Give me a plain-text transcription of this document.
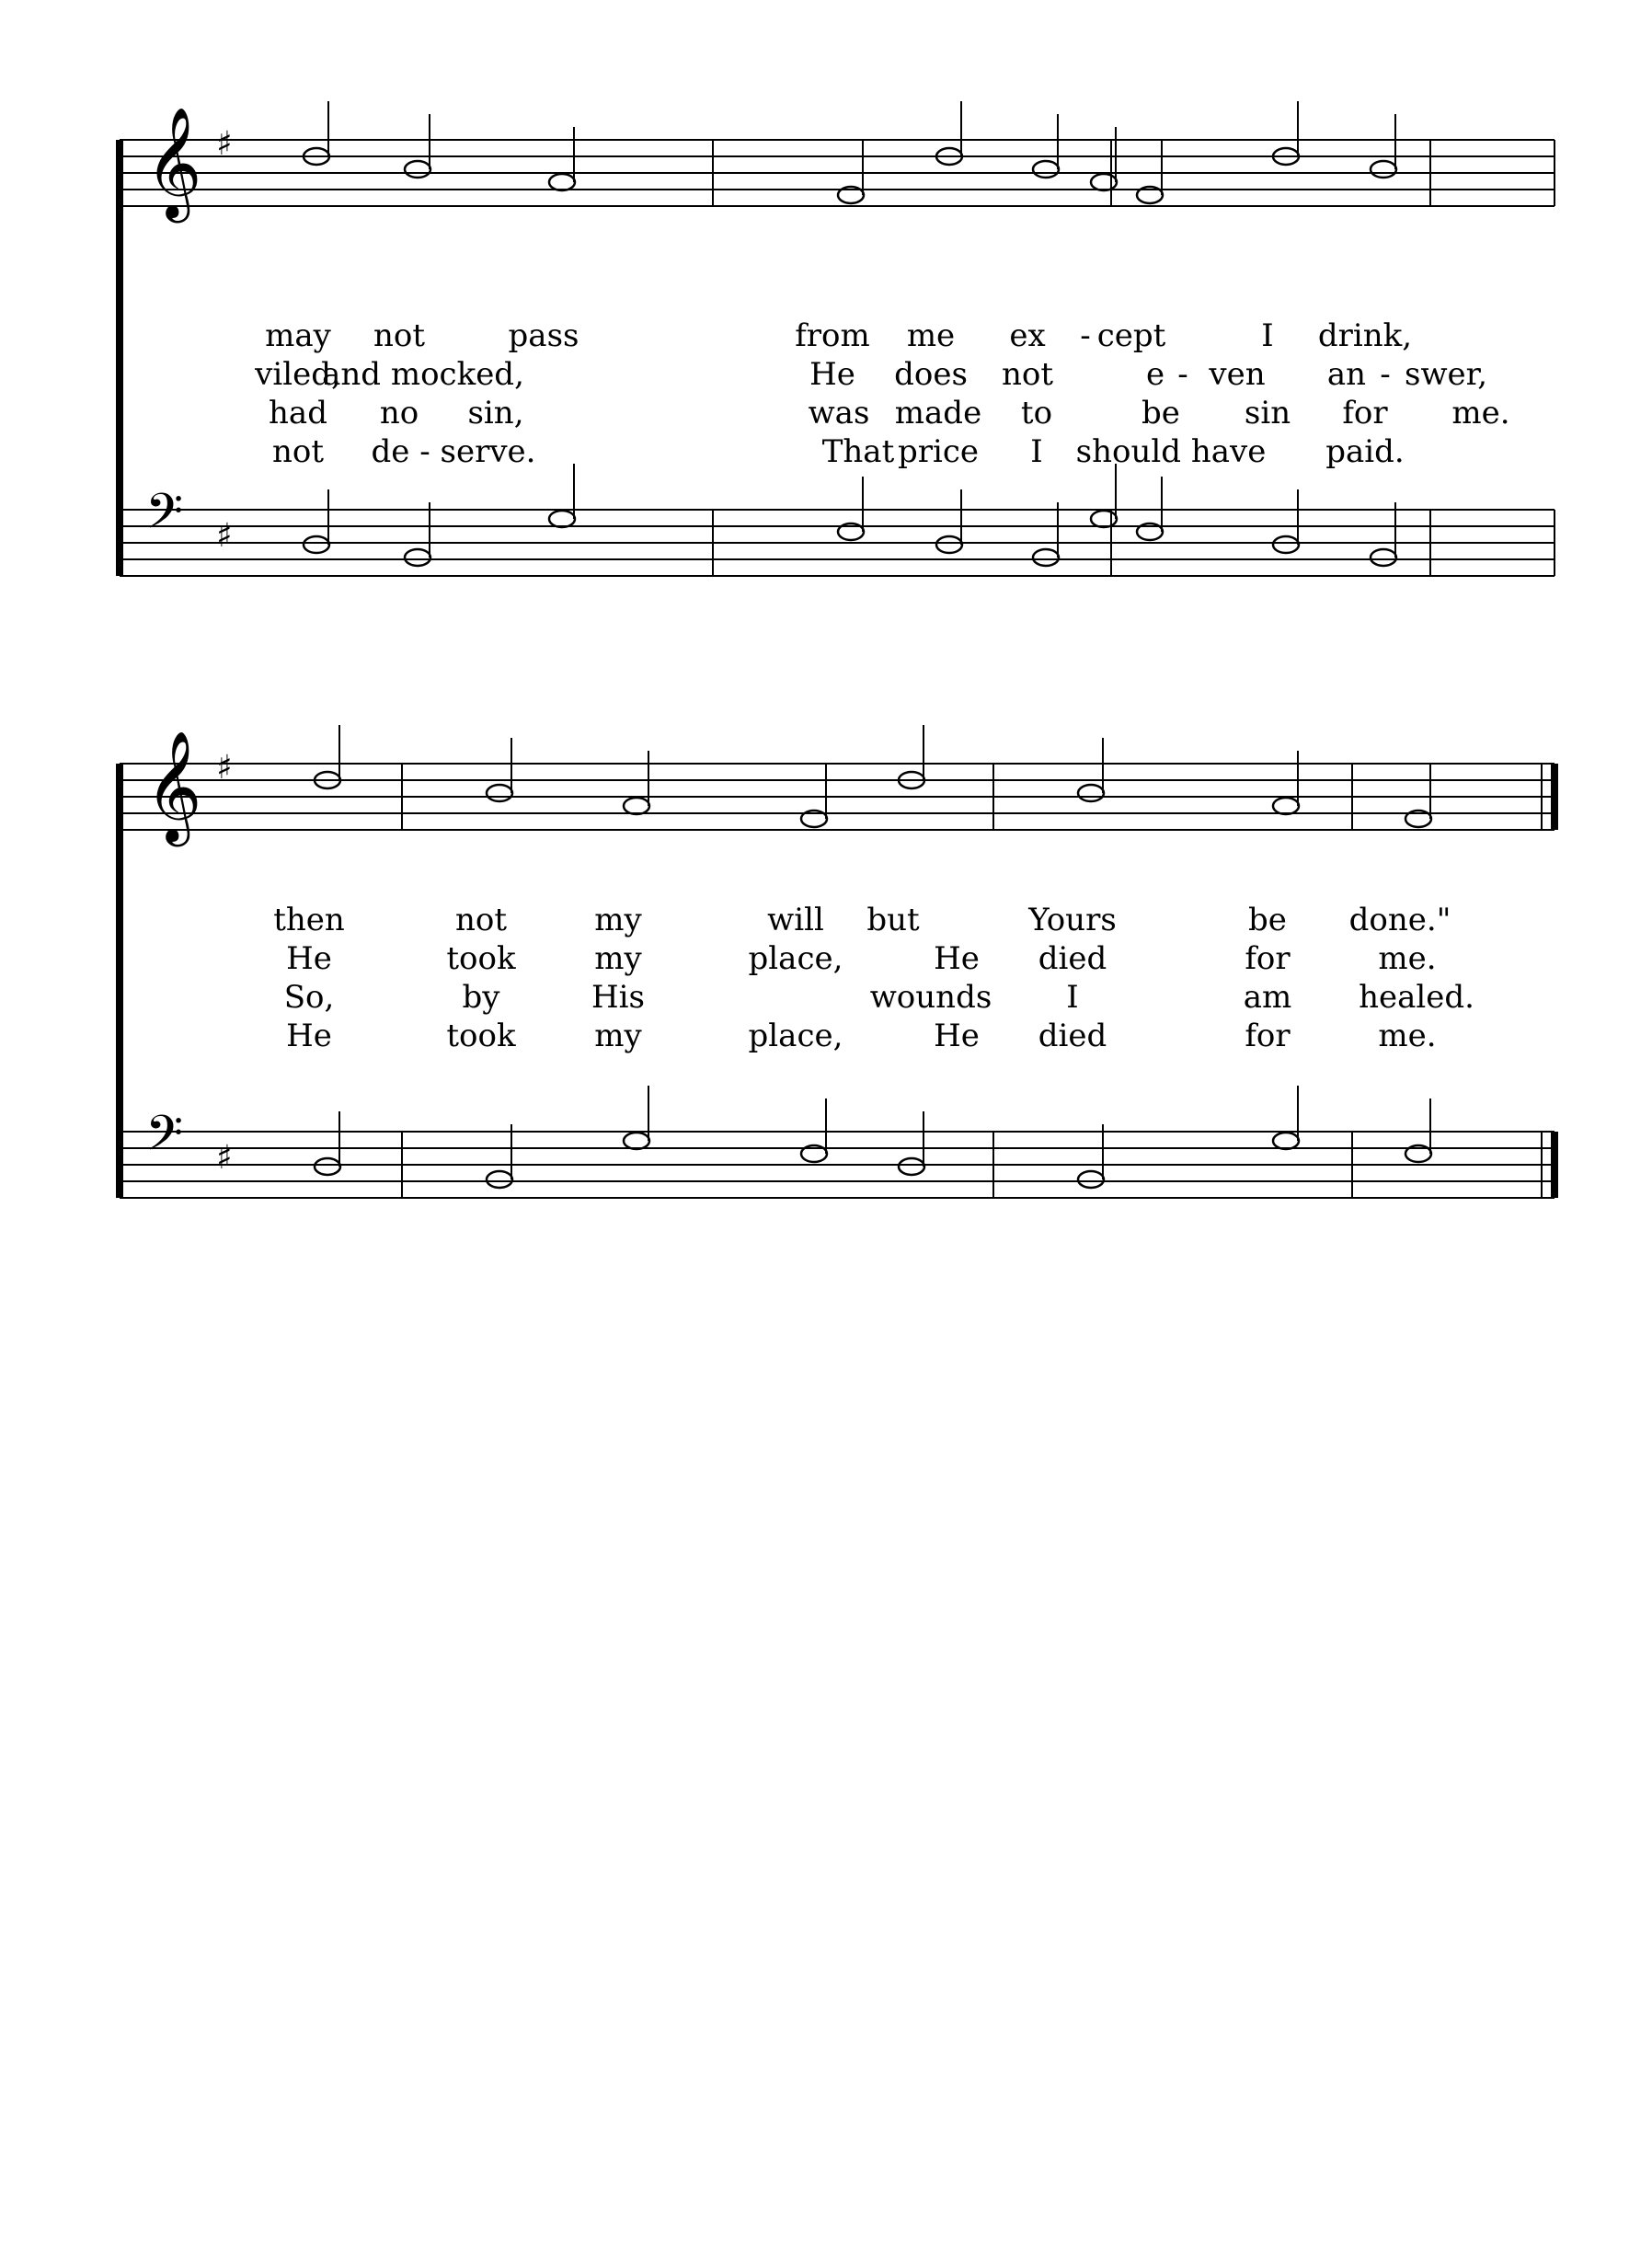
𝄞 ♯
𝄢 ♯
𝄞 ♯
𝄢 ♯
may not	pass	from me ex - cept	I drink,
viled,
and mocked,	He does not	e - ven an - swer,
had no sin,	was made to	be sin for me.
not de - serve.	That price I should have paid.
then	not	my	will but	Yours	be done."
He	took	my	place,	He died	for	me.
So,	by	His	wounds I	am healed.
He	took	my	place,	He died	for	me.
